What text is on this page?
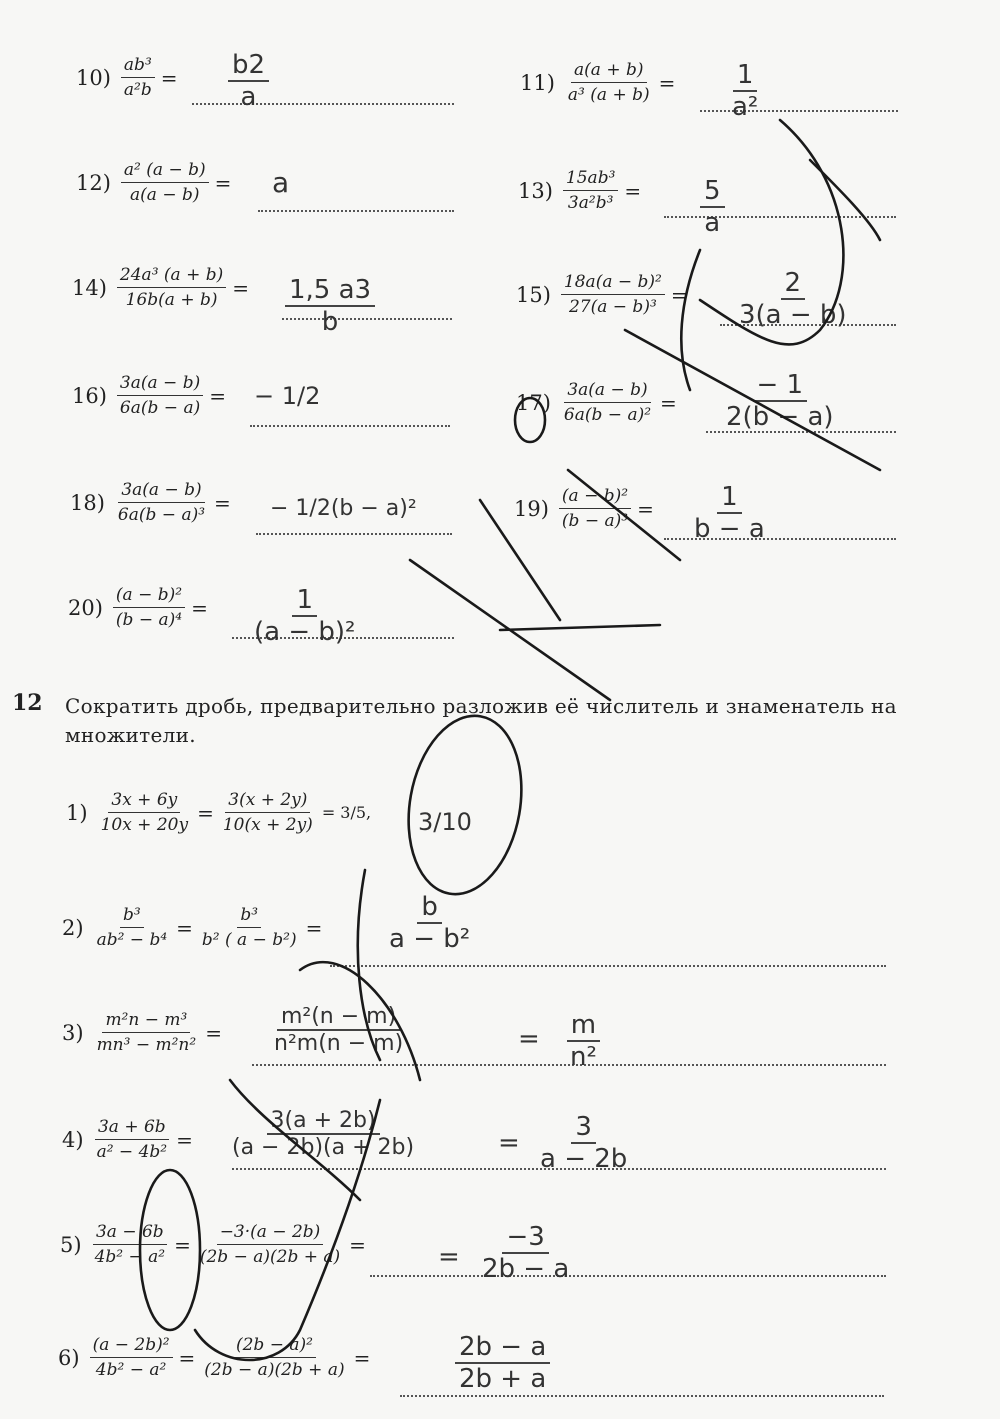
$10) \frac{\text{ab³}}{\text{a²b}} = \frac{b2}{a}$
$12) \frac{\text{a² (a − b)}}{a(a - b)} = a$
$14) \frac{\text{24a³ (a + b)}}{16b(a + b)} = \frac{1,5 a3}{b}$
$16) \frac{3a(a - b)}{6a(b - a)}$ = − 1/2
$18) \frac{3a(a - b)}{\text{6a(b − a)³}}$ = − 1/2(b − a)²
$20) \frac{\text{(a − b)²}}{\text{(b − a)⁴}} = \frac{1}{\text{(a − b)²}}$
$11) \frac{a(a + b)}{\text{a³ (a + b)}} = \frac{1}{\text{a²}}$
$13) \frac{\text{15ab³}}{\text{3a²b³}} = \frac{5}{a}$
$15) \frac{\text{18a(a − b)²}}{\text{27(a − b)³}} = \frac{2}{3(a - b)}$
$17) \frac{3a(a - b)}{\text{6a(b − a)²}} = \frac{- 1}{2(b - a)}$
$19) \frac{\text{(a − b)²}}{\text{(b − a)³}} = \frac{1}{b - a}$
12 Сократить дробь, предварительно разложив её числитель и знаменатель на множители.
$1) \frac{3x + 6y}{10x + 20y} = \frac{3(x + 2y)}{10(x + 2y)} = 3/5$, 3/10
$2) \frac{\text{b³}}{\text{ab² − b⁴}} = \frac{\text{b³}}{\text{b² ( a − b²)}} = \frac{b}{\text{a − b²}}$
$3) \frac{\text{m²n − m³}}{\text{mn³ − m²n²}} = \frac{\text{m²(n − m)}}{\text{n²m(n − m)}}$	= $\frac{m}{\text{n²}}$
$4) \frac{3a + 6b}{\text{a² − 4b²}} = \frac{3(a + 2b)}{(a - 2b)(a + 2b)}$	= $\frac{3}{a - 2b}$
$5) \frac{3a - 6b}{\text{4b² − a²}} = \frac{-3\cdot(a - 2b)}{(2b - a)(2b + a)}$ =	= $\frac{-3}{2b - a}$
$6) \frac{\text{(a − 2b)²}}{\text{4b² − a²}} = \frac{\text{(2b − a)²}}{(2b - a)(2b + a)}$ =	$\frac{2b - a}{2b + a}$
